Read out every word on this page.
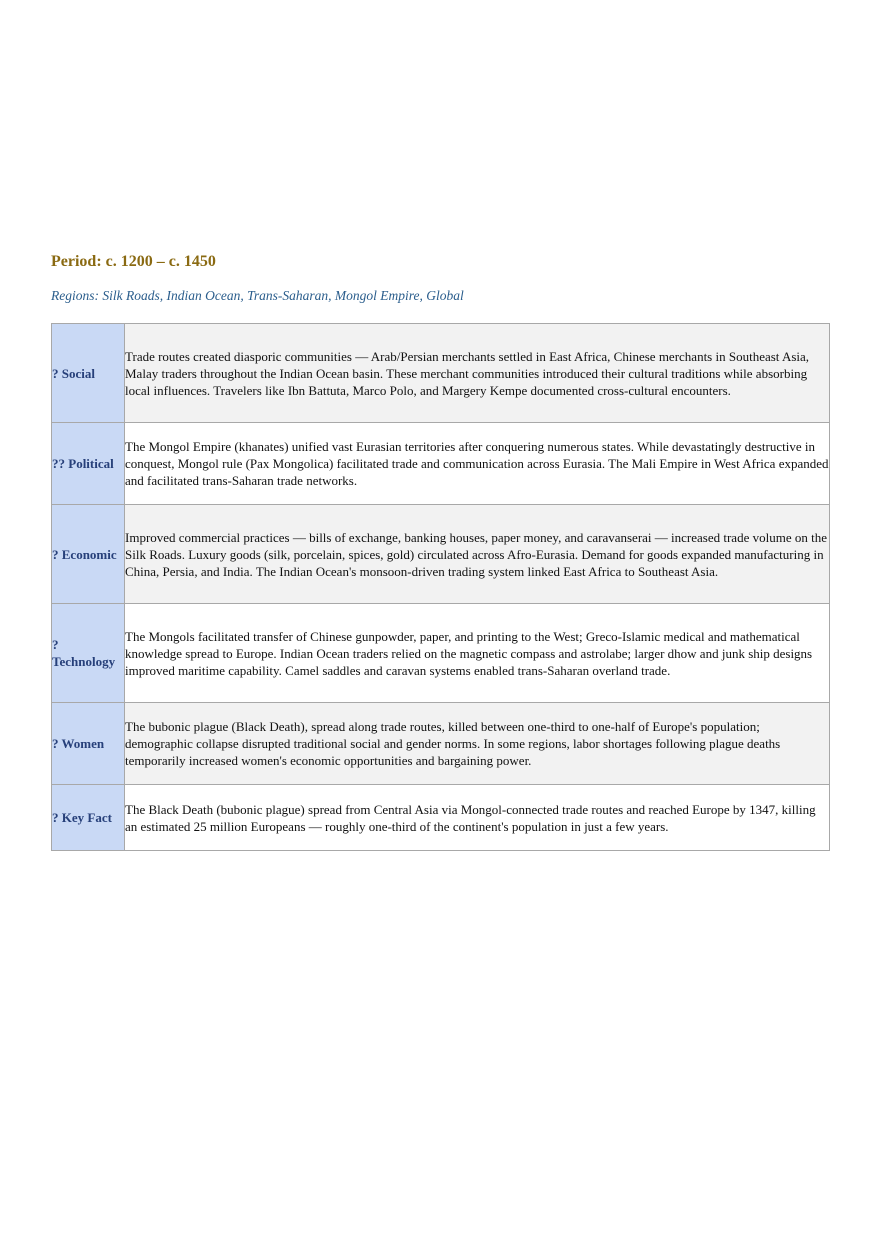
Period: c. 1200 – c. 1450

Regions: Silk Roads, Indian Ocean, Trans-Saharan, Mongol Empire, Global

? Social	Trade routes created diasporic communities — Arab/Persian merchants settled in East Africa, Chinese merchants in Southeast Asia, Malay traders throughout the Indian Ocean basin. These merchant communities introduced their cultural traditions while absorbing local influences. Travelers like Ibn Battuta, Marco Polo, and Margery Kempe documented cross-cultural encounters.
?? Political	The Mongol Empire (khanates) unified vast Eurasian territories after conquering numerous states. While devastatingly destructive in conquest, Mongol rule (Pax Mongolica) facilitated trade and communication across Eurasia. The Mali Empire in West Africa expanded and facilitated trans-Saharan trade networks.
? Economic	Improved commercial practices — bills of exchange, banking houses, paper money, and caravanserai — increased trade volume on the Silk Roads. Luxury goods (silk, porcelain, spices, gold) circulated across Afro-Eurasia. Demand for goods expanded manufacturing in China, Persia, and India. The Indian Ocean's monsoon-driven trading system linked East Africa to Southeast Asia.
? Technology	The Mongols facilitated transfer of Chinese gunpowder, paper, and printing to the West; Greco-Islamic medical and mathematical knowledge spread to Europe. Indian Ocean traders relied on the magnetic compass and astrolabe; larger dhow and junk ship designs improved maritime capability. Camel saddles and caravan systems enabled trans-Saharan overland trade.
? Women	The bubonic plague (Black Death), spread along trade routes, killed between one-third to one-half of Europe's population; demographic collapse disrupted traditional social and gender norms. In some regions, labor shortages following plague deaths temporarily increased women's economic opportunities and bargaining power.
? Key Fact	The Black Death (bubonic plague) spread from Central Asia via Mongol-connected trade routes and reached Europe by 1347, killing an estimated 25 million Europeans — roughly one-third of the continent's population in just a few years.
